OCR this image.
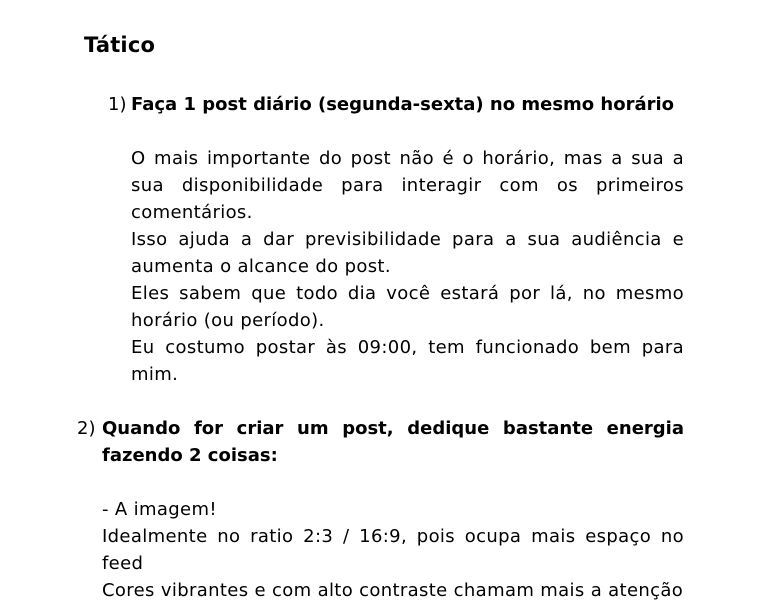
Tático
1) Faça 1 post diário (segunda-sexta) no mesmo horário

O mais importante do post não é o horário, mas a sua a sua disponibilidade para interagir com os primeiros comentários.
Isso ajuda a dar previsibilidade para a sua audiência e aumenta o alcance do post.
Eles sabem que todo dia você estará por lá, no mesmo horário (ou período).
Eu costumo postar às 09:00, tem funcionado bem para mim.
2) Quando for criar um post, dedique bastante energia fazendo 2 coisas:

- A imagem!
Idealmente no ratio 2:3 / 16:9, pois ocupa mais espaço no feed
Cores vibrantes e com alto contraste chamam mais a atenção
